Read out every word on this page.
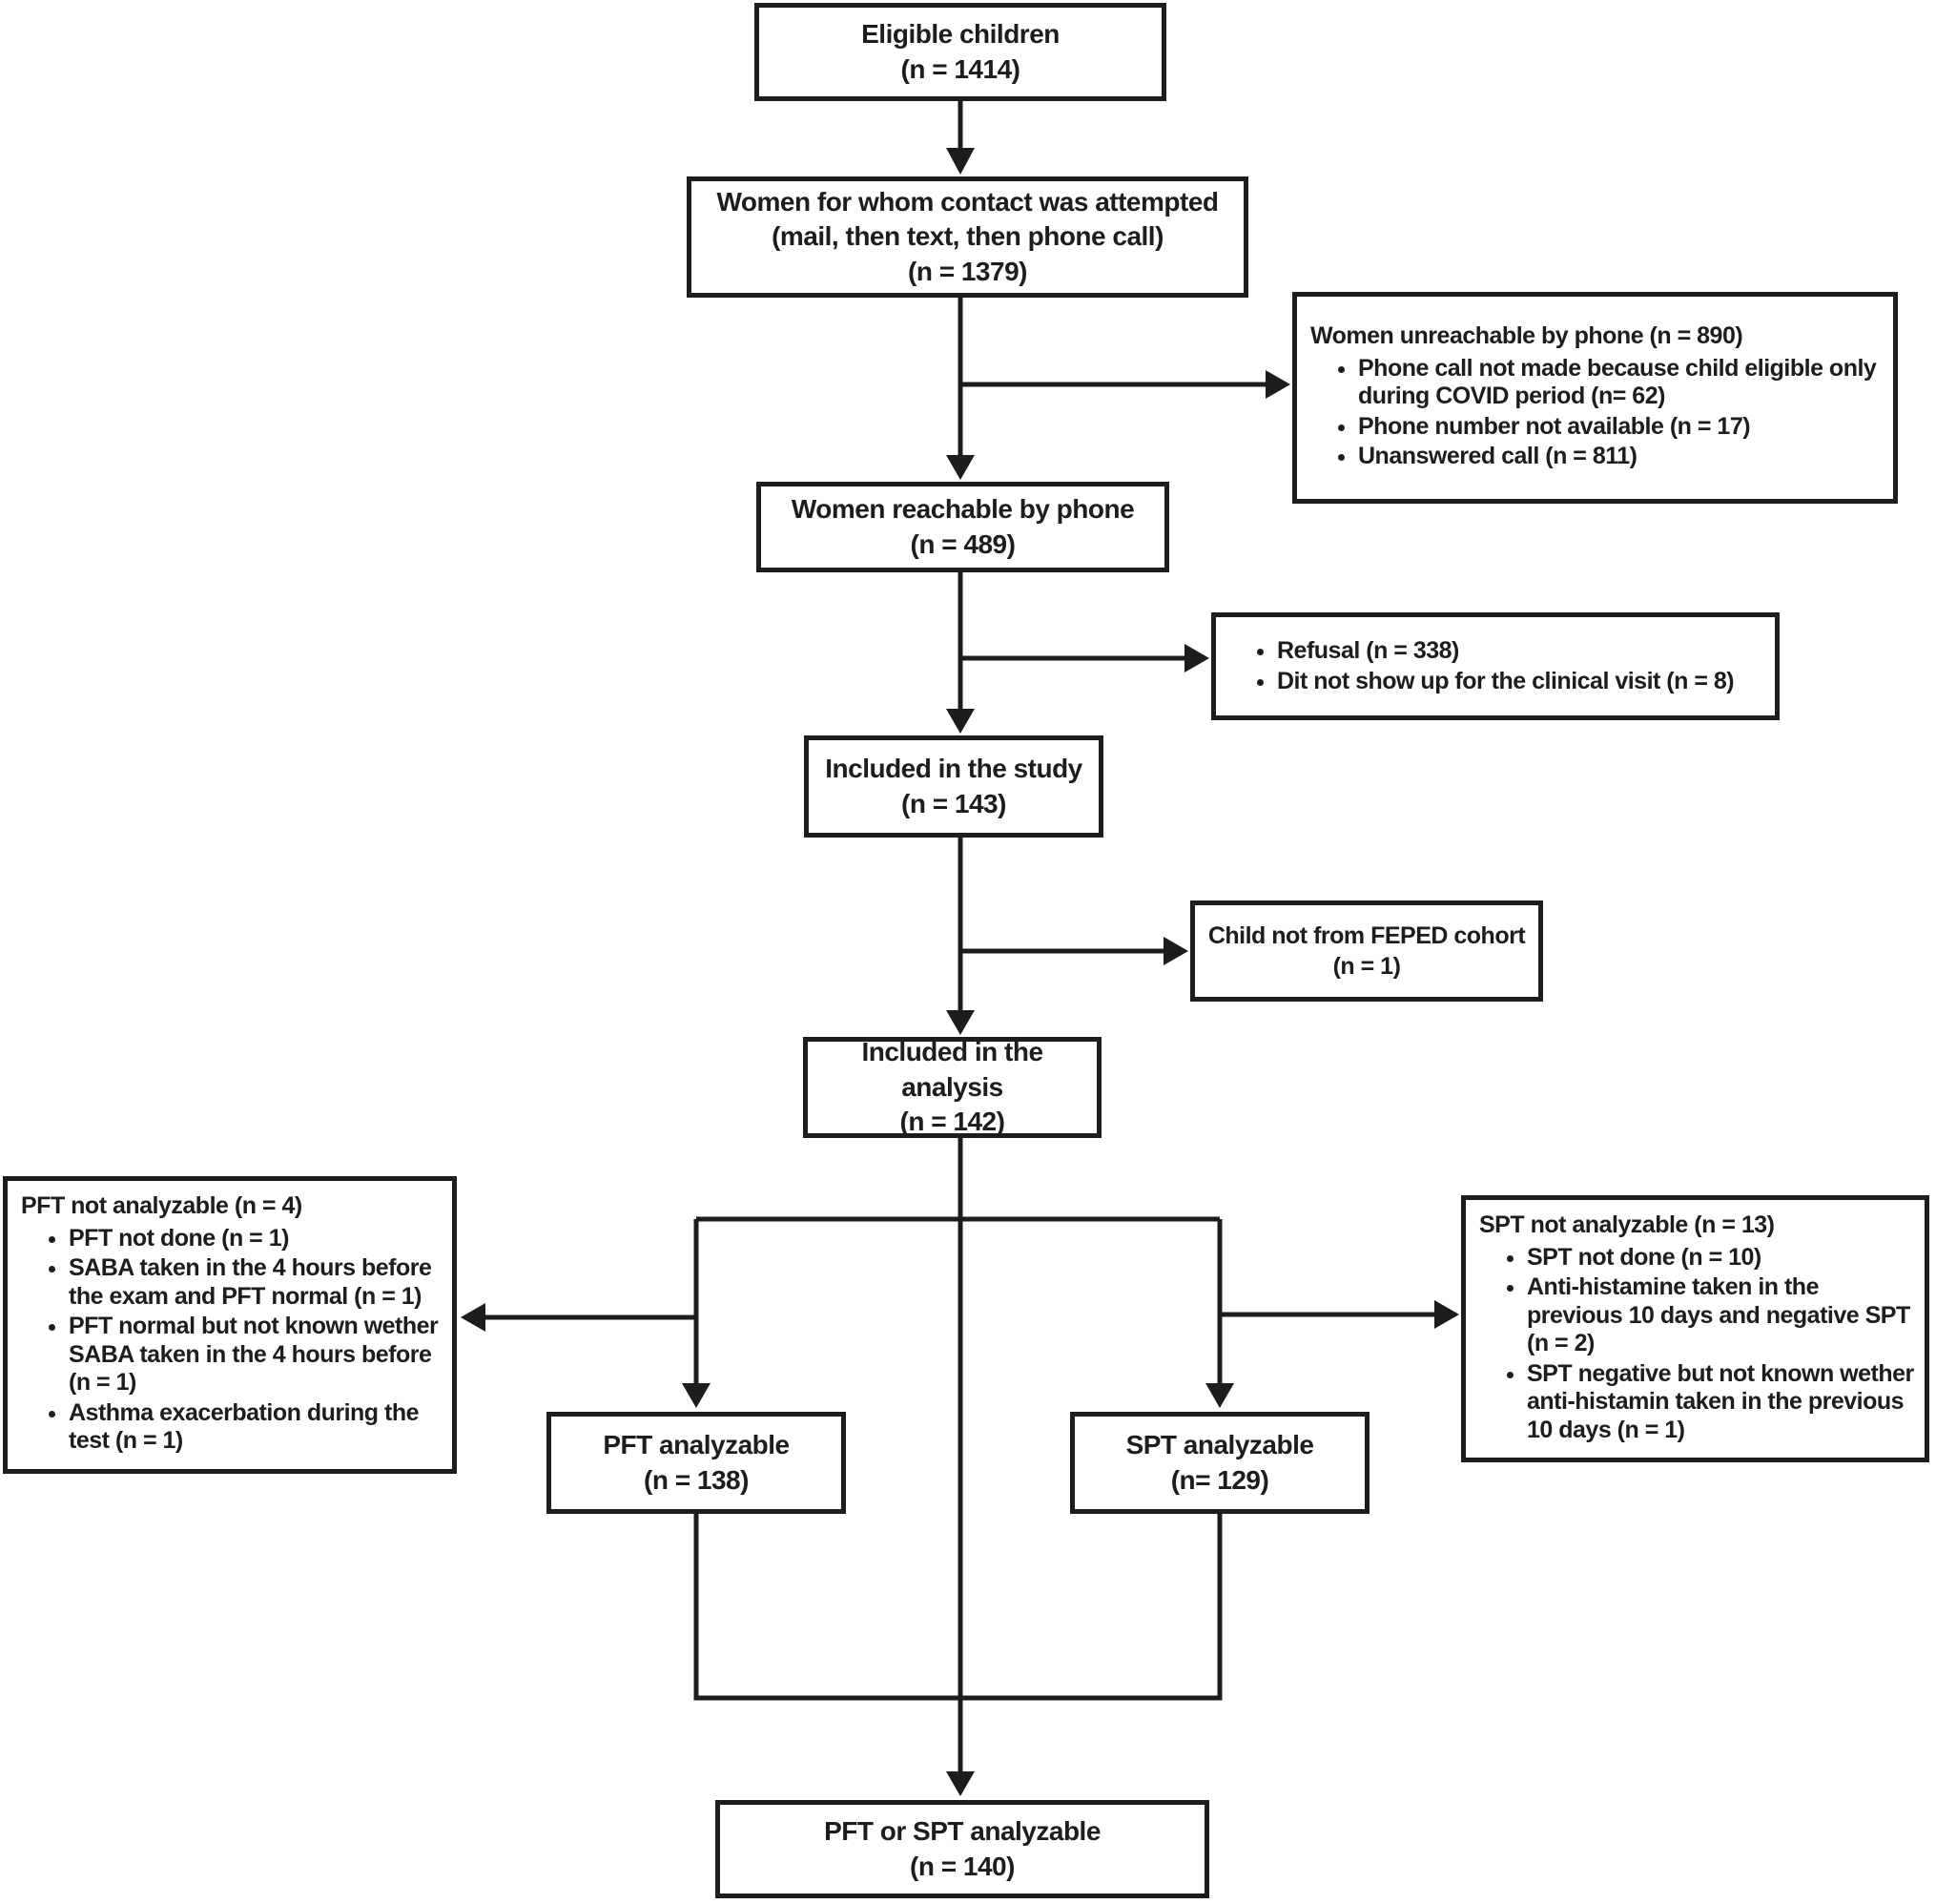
Eligible children
(n = 1414)
Women for whom contact was attempted
(mail, then text, then phone call)
(n = 1379)
Women unreachable by phone (n = 890)
• Phone call not made because child eligible only during COVID period (n= 62)
• Phone number not available (n = 17)
• Unanswered call (n = 811)
Women reachable by phone
(n = 489)
• Refusal (n = 338)
• Dit not show up for the clinical visit (n = 8)
Included in the study
(n = 143)
Child not from FEPED cohort
(n = 1)
Included in the analysis
(n = 142)
PFT not analyzable (n = 4)
• PFT not done (n = 1)
• SABA taken in the 4 hours before the exam and PFT normal (n = 1)
• PFT normal but not known wether SABA taken in the 4 hours before (n = 1)
• Asthma exacerbation during the test (n = 1)
SPT not analyzable (n = 13)
• SPT not done (n = 10)
• Anti-histamine taken in the previous 10 days and negative SPT (n = 2)
• SPT negative but not known wether anti-histamin taken in the previous 10 days (n = 1)
PFT analyzable
(n = 138)
SPT analyzable
(n= 129)
PFT or SPT analyzable
(n = 140)
